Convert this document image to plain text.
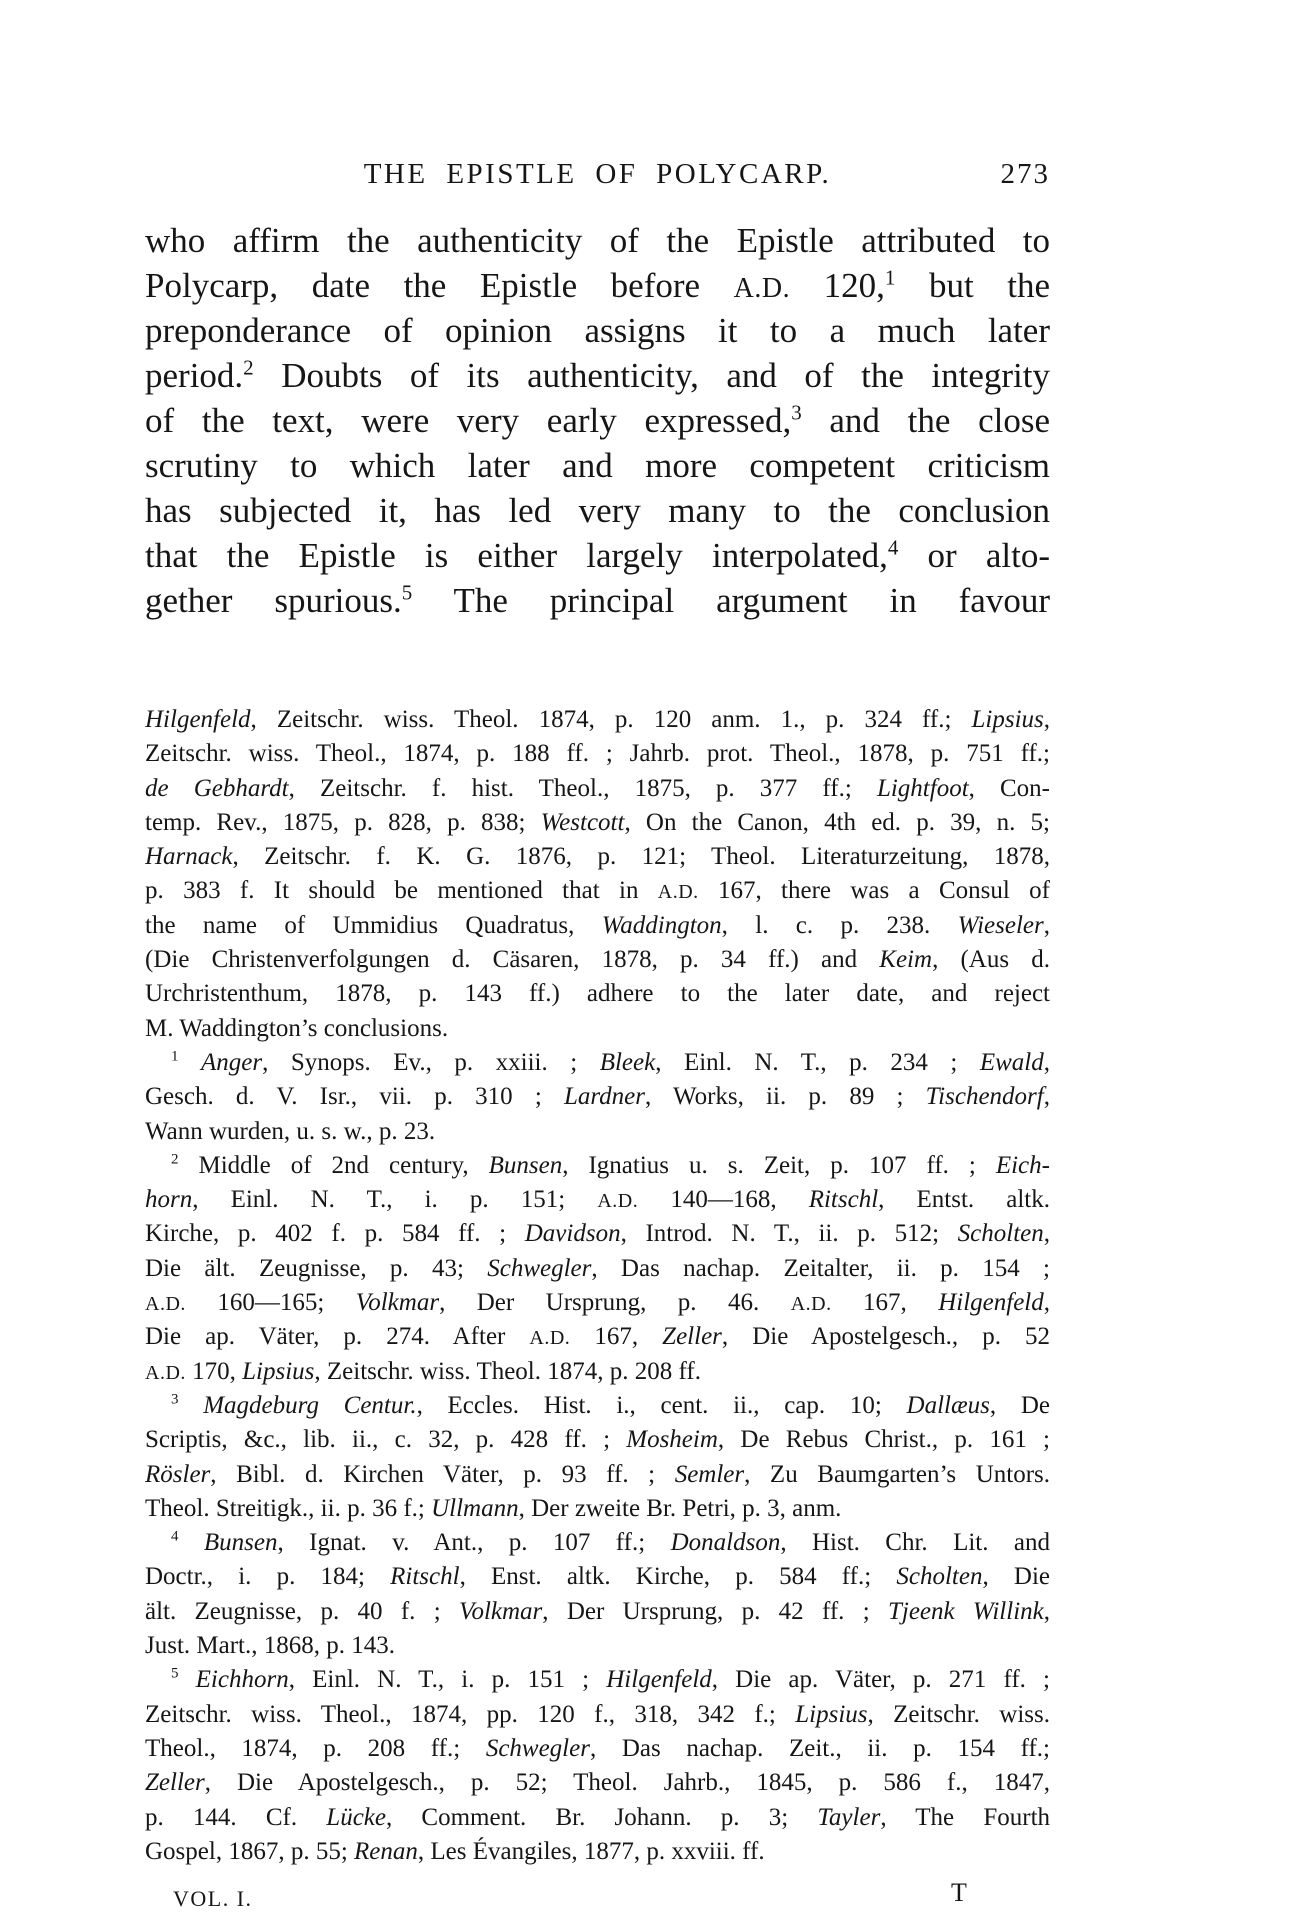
THE EPISTLE OF POLYCARP.	273
who affirm the authenticity of the Epistle attributed to
Polycarp, date the Epistle before A.D. 120,$^1$ but the
preponderance of opinion assigns it to a much later
period.$^2$ Doubts of its authenticity, and of the integrity
of the text, were very early expressed,$^3$ and the close
scrutiny to which later and more competent criticism
has subjected it, has led very many to the conclusion
that the Epistle is either largely interpolated,$^4$ or alto-
gether spurious.$^5$ The principal argument in favour
Hilgenfeld, Zeitschr. wiss. Theol. 1874, p. 120 anm. 1., p. 324 ff.; Lipsius,
Zeitschr. wiss. Theol., 1874, p. 188 ff. ; Jahrb. prot. Theol., 1878, p. 751 ff.;
de Gebhardt, Zeitschr. f. hist. Theol., 1875, p. 377 ff.; Lightfoot, Con-
temp. Rev., 1875, p. 828, p. 838; Westcott, On the Canon, 4th ed. p. 39, n. 5;
Harnack, Zeitschr. f. K. G. 1876, p. 121; Theol. Literaturzeitung, 1878,
p. 383 f. It should be mentioned that in A.D. 167, there was a Consul of
the name of Ummidius Quadratus, Waddington, l. c. p. 238. Wieseler,
(Die Christenverfolgungen d. Cäsaren, 1878, p. 34 ff.) and Keim, (Aus d.
Urchristenthum, 1878, p. 143 ff.) adhere to the later date, and reject
M. Waddington’s conclusions.
$^1$ Anger, Synops. Ev., p. xxiii. ; Bleek, Einl. N. T., p. 234 ; Ewald,
Gesch. d. V. Isr., vii. p. 310 ; Lardner, Works, ii. p. 89 ; Tischendorf,
Wann wurden, u. s. w., p. 23.
$^2$ Middle of 2nd century, Bunsen, Ignatius u. s. Zeit, p. 107 ff. ; Eich-
horn, Einl. N. T., i. p. 151; A.D. 140—168, Ritschl, Entst. altk.
Kirche, p. 402 f. p. 584 ff. ; Davidson, Introd. N. T., ii. p. 512; Scholten,
Die ält. Zeugnisse, p. 43; Schwegler, Das nachap. Zeitalter, ii. p. 154 ;
A.D. 160—165; Volkmar, Der Ursprung, p. 46. A.D. 167, Hilgenfeld,
Die ap. Väter, p. 274. After A.D. 167, Zeller, Die Apostelgesch., p. 52
A.D. 170, Lipsius, Zeitschr. wiss. Theol. 1874, p. 208 ff.
$^3$ Magdeburg Centur., Eccles. Hist. i., cent. ii., cap. 10; Dallæus, De
Scriptis, &c., lib. ii., c. 32, p. 428 ff. ; Mosheim, De Rebus Christ., p. 161 ;
Rösler, Bibl. d. Kirchen Väter, p. 93 ff. ; Semler, Zu Baumgarten’s Untors.
Theol. Streitigk., ii. p. 36 f.; Ullmann, Der zweite Br. Petri, p. 3, anm.
$^4$ Bunsen, Ignat. v. Ant., p. 107 ff.; Donaldson, Hist. Chr. Lit. and
Doctr., i. p. 184; Ritschl, Enst. altk. Kirche, p. 584 ff.; Scholten, Die
ält. Zeugnisse, p. 40 f. ; Volkmar, Der Ursprung, p. 42 ff. ; Tjeenk Willink,
Just. Mart., 1868, p. 143.
$^5$ Eichhorn, Einl. N. T., i. p. 151 ; Hilgenfeld, Die ap. Väter, p. 271 ff. ;
Zeitschr. wiss. Theol., 1874, pp. 120 f., 318, 342 f.; Lipsius, Zeitschr. wiss.
Theol., 1874, p. 208 ff.; Schwegler, Das nachap. Zeit., ii. p. 154 ff.;
Zeller, Die Apostelgesch., p. 52; Theol. Jahrb., 1845, p. 586 f., 1847,
p. 144. Cf. Lücke, Comment. Br. Johann. p. 3; Tayler, The Fourth
Gospel, 1867, p. 55; Renan, Les Évangiles, 1877, p. xxviii. ff.
VOL. I.	T
